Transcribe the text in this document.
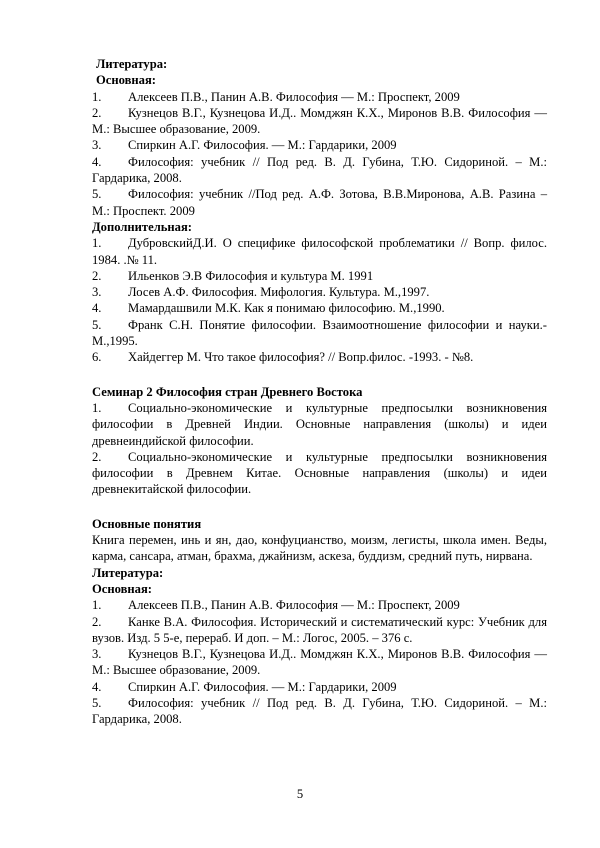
Литература:

Основная:

1. Алексеев П.В., Панин А.В. Философия — М.: Проспект, 2009

2. Кузнецов В.Г., Кузнецова И.Д.. Момджян К.Х., Миронов В.В. Философия — М.: Высшее образование, 2009.

3. Спиркин А.Г. Философия. — М.: Гардарики, 2009

4. Философия: учебник // Под ред. В. Д. Губина, Т.Ю. Сидориной. – М.: Гардарика, 2008.

5. Философия: учебник //Под ред. А.Ф. Зотова, В.В.Миронова, А.В. Разина – М.: Проспект. 2009

Дополнительная:

1. ДубровскийД.И. О специфике философской проблематики // Вопр. филос. 1984. .№ 11.

2. Ильенков Э.В Философия и культура М. 1991

3. Лосев А.Ф. Философия. Мифология. Культура. М.,1997.

4. Мамардашвили М.К. Как я понимаю философию. М.,1990.

5. Франк С.Н. Понятие философии. Взаимоотношение философии и науки.-М.,1995.

6. Хайдеггер М. Что такое философия? // Вопр.филос. -1993. - №8.

Семинар 2 Философия стран Древнего Востока

1. Социально-экономические и культурные предпосылки возникновения философии в Древней Индии. Основные направления (школы) и идеи древнеиндийской философии.

2. Социально-экономические и культурные предпосылки возникновения философии в Древнем Китае. Основные направления (школы) и идеи древнекитайской философии.

Основные понятия

Книга перемен, инь и ян, дао, конфуцианство, моизм, легисты, школа имен. Веды, карма, сансара, атман, брахма, джайнизм, аскеза, буддизм, средний путь, нирвана.

Литература:

Основная:

1. Алексеев П.В., Панин А.В. Философия — М.: Проспект, 2009

2. Канке В.А. Философия. Исторический и систематический курс: Учебник для вузов. Изд. 5 5-е, перераб. И доп. – М.: Логос, 2005. – 376 с.

3. Кузнецов В.Г., Кузнецова И.Д.. Момджян К.Х., Миронов В.В. Философия — М.: Высшее образование, 2009.

4. Спиркин А.Г. Философия. — М.: Гардарики, 2009

5. Философия: учебник // Под ред. В. Д. Губина, Т.Ю. Сидориной. – М.: Гардарика, 2008.

5
